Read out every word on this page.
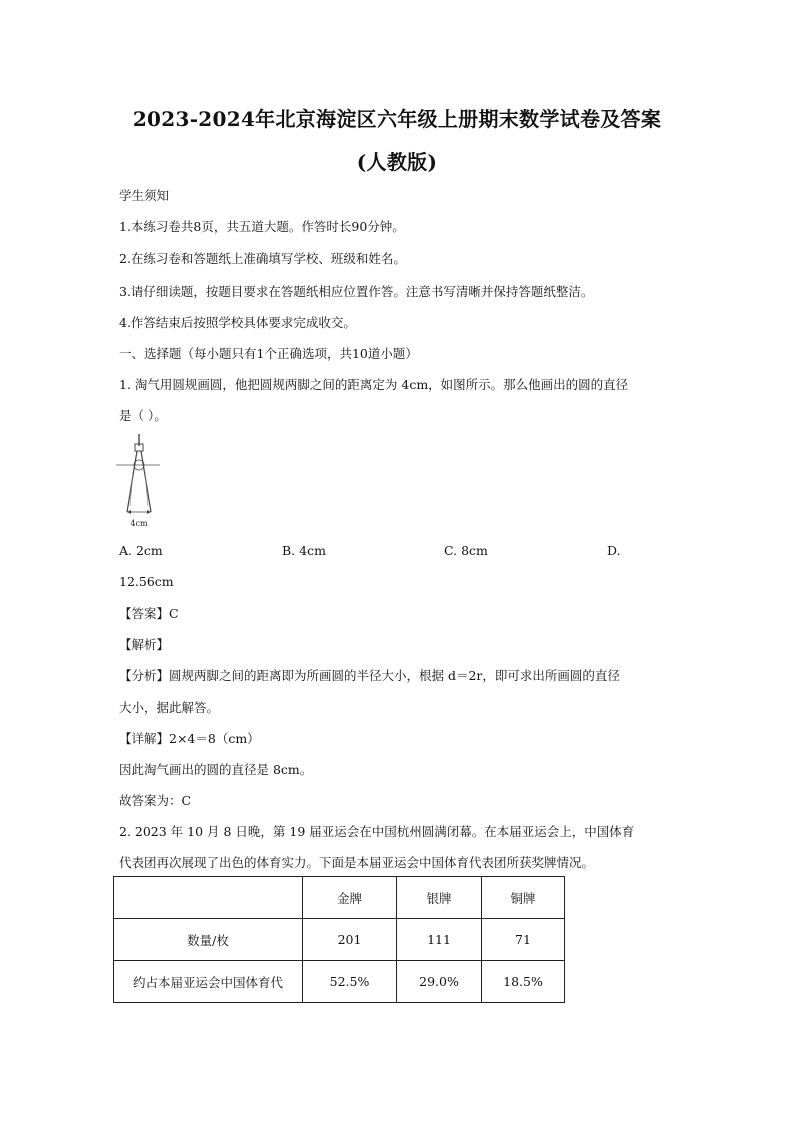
2023-2024年北京海淀区六年级上册期末数学试卷及答案
(人教版)
学生须知
1.本练习卷共8页，共五道大题。作答时长90分钟。
2.在练习卷和答题纸上准确填写学校、班级和姓名。
3.请仔细读题，按题目要求在答题纸相应位置作答。注意书写清晰并保持答题纸整洁。
4.作答结束后按照学校具体要求完成收交。
一、选择题（每小题只有1个正确选项，共10道小题）
1. 淘气用圆规画圆，他把圆规两脚之间的距离定为 4cm，如图所示。那么他画出的圆的直径
是（ ）。
4cm
A. 2cm	B. 4cm	C. 8cm	D.
12.56cm
【答案】C
【解析】
【分析】圆规两脚之间的距离即为所画圆的半径大小，根据 d＝2r，即可求出所画圆的直径
大小，据此解答。
【详解】2×4＝8（cm）
因此淘气画出的圆的直径是 8cm。
故答案为：C
2. 2023 年 10 月 8 日晚，第 19 届亚运会在中国杭州圆满闭幕。在本届亚运会上，中国体育
代表团再次展现了出色的体育实力。下面是本届亚运会中国体育代表团所获奖牌情况。
	金牌	银牌	铜牌
数量/枚	201	111	71
约占本届亚运会中国体育代	52.5%	29.0%	18.5%
